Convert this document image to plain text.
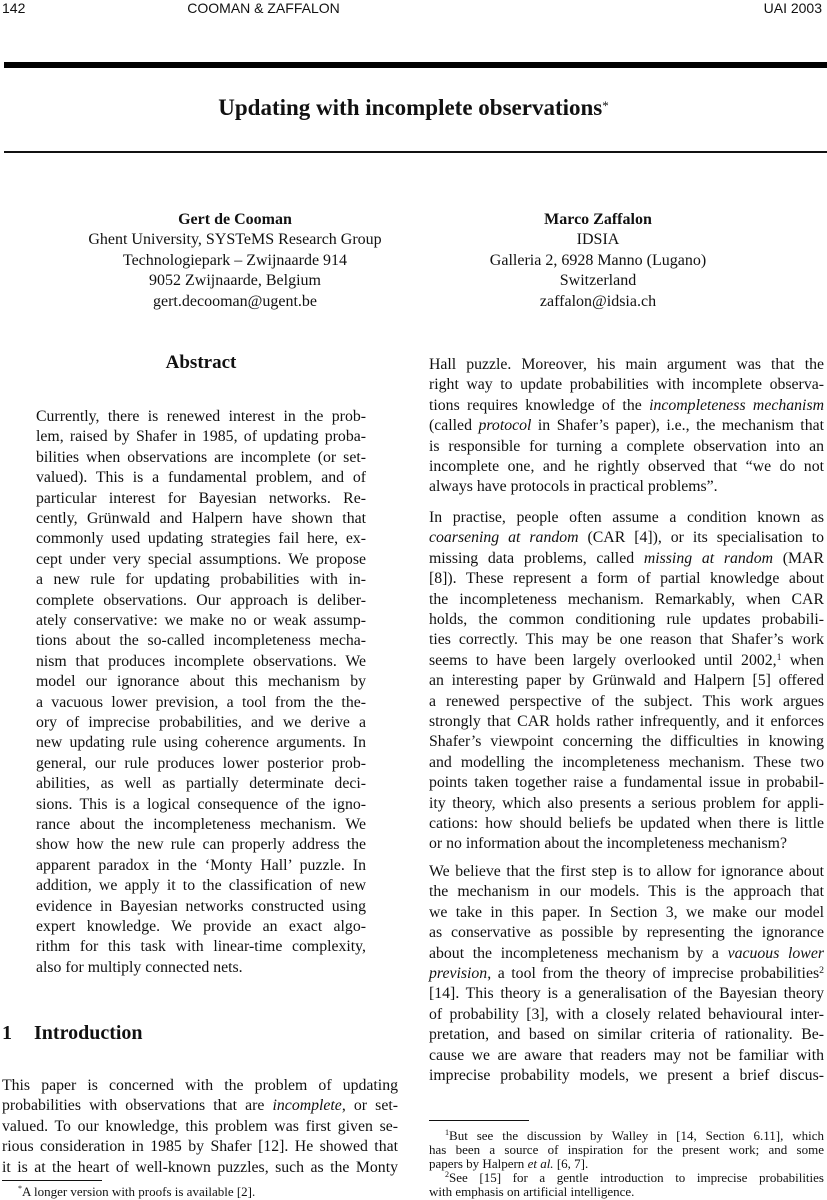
142	COOMAN & ZAFFALON	UAI 2003
Updating with incomplete observations*
Gert de Cooman
Ghent University, SYSTeMS Research Group
Technologiepark – Zwijnaarde 914
9052 Zwijnaarde, Belgium
gert.decooman@ugent.be
Marco Zaffalon
IDSIA
Galleria 2, 6928 Manno (Lugano)
Switzerland
zaffalon@idsia.ch
Abstract
Currently, there is renewed interest in the prob-
lem, raised by Shafer in 1985, of updating proba-
bilities when observations are incomplete (or set-
valued). This is a fundamental problem, and of
particular interest for Bayesian networks. Re-
cently, Grünwald and Halpern have shown that
commonly used updating strategies fail here, ex-
cept under very special assumptions. We propose
a new rule for updating probabilities with in-
complete observations. Our approach is deliber-
ately conservative: we make no or weak assump-
tions about the so-called incompleteness mecha-
nism that produces incomplete observations. We
model our ignorance about this mechanism by
a vacuous lower prevision, a tool from the the-
ory of imprecise probabilities, and we derive a
new updating rule using coherence arguments. In
general, our rule produces lower posterior prob-
abilities, as well as partially determinate deci-
sions. This is a logical consequence of the igno-
rance about the incompleteness mechanism. We
show how the new rule can properly address the
apparent paradox in the ‘Monty Hall’ puzzle. In
addition, we apply it to the classification of new
evidence in Bayesian networks constructed using
expert knowledge. We provide an exact algo-
rithm for this task with linear-time complexity,
also for multiply connected nets.
1 Introduction
This paper is concerned with the problem of updating
probabilities with observations that are incomplete, or set-
valued. To our knowledge, this problem was first given se-
rious consideration in 1985 by Shafer [12]. He showed that
it is at the heart of well-known puzzles, such as the Monty
*A longer version with proofs is available [2].
Hall puzzle. Moreover, his main argument was that the
right way to update probabilities with incomplete observa-
tions requires knowledge of the incompleteness mechanism
(called protocol in Shafer’s paper), i.e., the mechanism that
is responsible for turning a complete observation into an
incomplete one, and he rightly observed that “we do not
always have protocols in practical problems”.
In practise, people often assume a condition known as
coarsening at random (CAR [4]), or its specialisation to
missing data problems, called missing at random (MAR
[8]). These represent a form of partial knowledge about
the incompleteness mechanism. Remarkably, when CAR
holds, the common conditioning rule updates probabili-
ties correctly. This may be one reason that Shafer’s work
seems to have been largely overlooked until 2002,$^1$ when
an interesting paper by Grünwald and Halpern [5] offered
a renewed perspective of the subject. This work argues
strongly that CAR holds rather infrequently, and it enforces
Shafer’s viewpoint concerning the difficulties in knowing
and modelling the incompleteness mechanism. These two
points taken together raise a fundamental issue in probabil-
ity theory, which also presents a serious problem for appli-
cations: how should beliefs be updated when there is little
or no information about the incompleteness mechanism?
We believe that the first step is to allow for ignorance about
the mechanism in our models. This is the approach that
we take in this paper. In Section 3, we make our model
as conservative as possible by representing the ignorance
about the incompleteness mechanism by a vacuous lower
prevision, a tool from the theory of imprecise probabilities$^2$
[14]. This theory is a generalisation of the Bayesian theory
of probability [3], with a closely related behavioural inter-
pretation, and based on similar criteria of rationality. Be-
cause we are aware that readers may not be familiar with
imprecise probability models, we present a brief discus-
$^1$But see the discussion by Walley in [14, Section 6.11], which
has been a source of inspiration for the present work; and some
papers by Halpern et al. [6, 7].
$^2$See [15] for a gentle introduction to imprecise probabilities
with emphasis on artificial intelligence.
